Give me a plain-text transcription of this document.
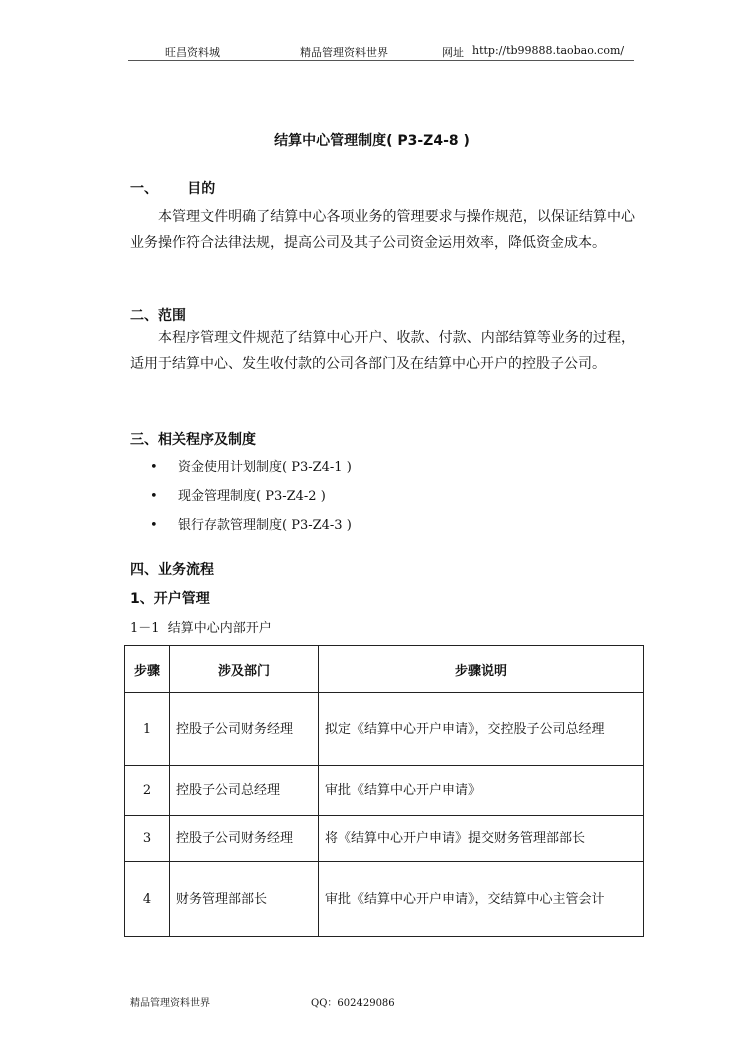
旺昌资料城	精品管理资料世界	网址 http://tb99888.taobao.com/
结算中心管理制度( P3-Z4-8 )
一、      目的

本管理文件明确了结算中心各项业务的管理要求与操作规范，以保证结算中心业务操作符合法律法规，提高公司及其子公司资金运用效率，降低资金成本。

二、范围

本程序管理文件规范了结算中心开户、收款、付款、内部结算等业务的过程，适用于结算中心、发生收付款的公司各部门及在结算中心开户的控股子公司。

三、相关程序及制度
• 资金使用计划制度( P3-Z4-1 )
• 现金管理制度( P3-Z4-2 )
• 银行存款管理制度( P3-Z4-3 )
四、业务流程
1、开户管理
1－1  结算中心内部开户
步骤	涉及部门	步骤说明
1	控股子公司财务经理	拟定《结算中心开户申请》，交控股子公司总经理
2	控股子公司总经理	审批《结算中心开户申请》
3	控股子公司财务经理	将《结算中心开户申请》提交财务管理部部长
4	财务管理部部长	审批《结算中心开户申请》，交结算中心主管会计
精品管理资料世界	QQ：602429086
